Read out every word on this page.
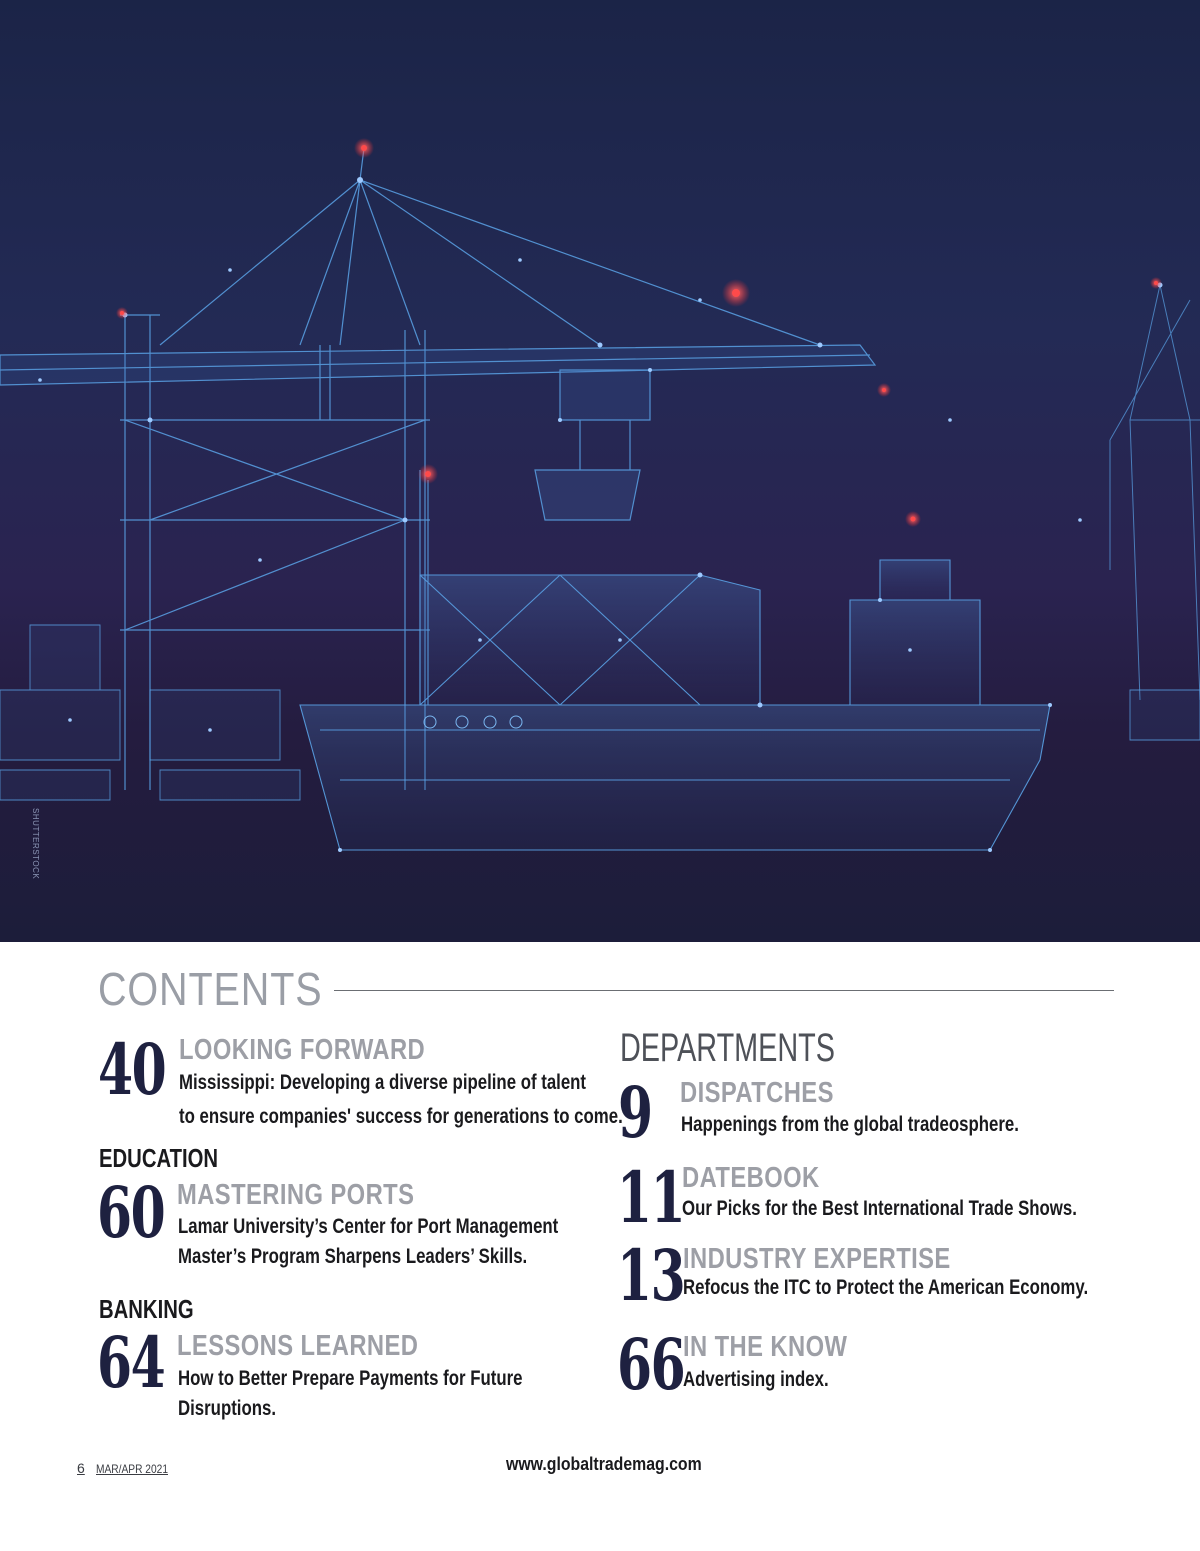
SHUTTERSTOCK
CONTENTS
40 LOOKING FORWARD
Mississippi: Developing a diverse pipeline of talent
to ensure companies' success for generations to come.
EDUCATION
60 MASTERING PORTS
Lamar University’s Center for Port Management
Master’s Program Sharpens Leaders’ Skills.
BANKING
64 LESSONS LEARNED
How to Better Prepare Payments for Future
Disruptions.
DEPARTMENTS
9 DISPATCHES
Happenings from the global tradeosphere.
11
DATEBOOK
Our Picks for the Best International Trade Shows.
13
INDUSTRY EXPERTISE
Refocus the ITC to Protect the American Economy.
66
IN THE KNOW
Advertising index.
6 MAR/APR 2021	www.globaltrademag.com
